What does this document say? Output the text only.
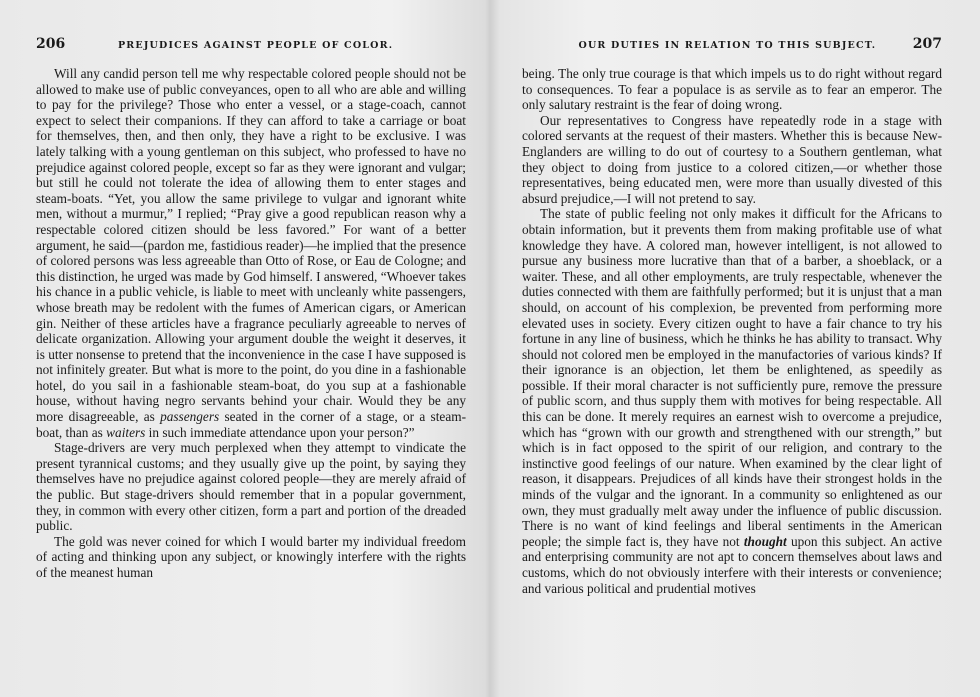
206	PREJUDICES AGAINST PEOPLE OF COLOR.

Will any candid person tell me why respectable colored people should not be allowed to make use of public conveyances, open to all who are able and willing to pay for the privilege? Those who enter a vessel, or a stage-coach, cannot expect to select their companions. If they can afford to take a carriage or boat for themselves, then, and then only, they have a right to be exclusive. I was lately talking with a young gentleman on this subject, who professed to have no prejudice against colored people, except so far as they were ignorant and vulgar; but still he could not tolerate the idea of allowing them to enter stages and steam-boats. “Yet, you allow the same privilege to vulgar and ignorant white men, without a murmur,” I replied; “Pray give a good republican reason why a respectable colored citizen should be less favored.” For want of a better argument, he said—(pardon me, fastidious reader)—he implied that the presence of colored persons was less agreeable than Otto of Rose, or Eau de Cologne; and this distinction, he urged was made by God himself. I answered, “Whoever takes his chance in a public vehicle, is liable to meet with uncleanly white passengers, whose breath may be redolent with the fumes of American cigars, or American gin. Neither of these articles have a fragrance peculiarly agreeable to nerves of delicate organization. Allowing your argument double the weight it deserves, it is utter nonsense to pretend that the inconvenience in the case I have supposed is not infinitely greater. But what is more to the point, do you dine in a fashionable hotel, do you sail in a fashionable steam-boat, do you sup at a fashionable house, without having negro servants behind your chair. Would they be any more disagreeable, as passengers seated in the corner of a stage, or a steam-boat, than as waiters in such immediate attendance upon your person?”

Stage-drivers are very much perplexed when they attempt to vindicate the present tyrannical customs; and they usually give up the point, by saying they themselves have no prejudice against colored people—they are merely afraid of the public. But stage-drivers should remember that in a popular government, they, in common with every other citizen, form a part and portion of the dreaded public.

The gold was never coined for which I would barter my individual freedom of acting and thinking upon any subject, or knowingly interfere with the rights of the meanest human

OUR DUTIES IN RELATION TO THIS SUBJECT.	207

being. The only true courage is that which impels us to do right without regard to consequences. To fear a populace is as servile as to fear an emperor. The only salutary restraint is the fear of doing wrong.

Our representatives to Congress have repeatedly rode in a stage with colored servants at the request of their masters. Whether this is because New-Englanders are willing to do out of courtesy to a Southern gentleman, what they object to doing from justice to a colored citizen,—or whether those representatives, being educated men, were more than usually divested of this absurd prejudice,—I will not pretend to say.

The state of public feeling not only makes it difficult for the Africans to obtain information, but it prevents them from making profitable use of what knowledge they have. A colored man, however intelligent, is not allowed to pursue any business more lucrative than that of a barber, a shoeblack, or a waiter. These, and all other employments, are truly respectable, whenever the duties connected with them are faithfully performed; but it is unjust that a man should, on account of his complexion, be prevented from performing more elevated uses in society. Every citizen ought to have a fair chance to try his fortune in any line of business, which he thinks he has ability to transact. Why should not colored men be employed in the manufactories of various kinds? If their ignorance is an objection, let them be enlightened, as speedily as possible. If their moral character is not sufficiently pure, remove the pressure of public scorn, and thus supply them with motives for being respectable. All this can be done. It merely requires an earnest wish to overcome a prejudice, which has “grown with our growth and strengthened with our strength,” but which is in fact opposed to the spirit of our religion, and contrary to the instinctive good feelings of our nature. When examined by the clear light of reason, it disappears. Prejudices of all kinds have their strongest holds in the minds of the vulgar and the ignorant. In a community so enlightened as our own, they must gradually melt away under the influence of public discussion. There is no want of kind feelings and liberal sentiments in the American people; the simple fact is, they have not thought upon this subject. An active and enterprising community are not apt to concern themselves about laws and customs, which do not obviously interfere with their interests or convenience; and various political and prudential motives
